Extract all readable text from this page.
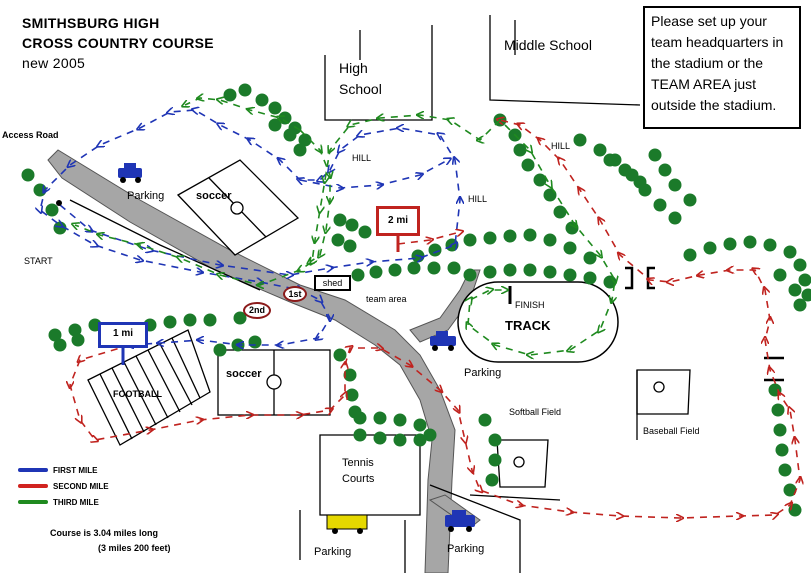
SMITHSBURG HIGH
CROSS COUNTRY COURSE
new 2005
Please set up your team headquarters in the stadium or the TEAM AREA just outside the stadium.
High School
Middle School
Access Road
START
Parking	soccer
soccer
FOOTBALL
HILL
HILL
HILL
shed
team area
FINISH
TRACK
Parking
Softball Field
Baseball Field
Tennis Courts
Parking	Parking
1 mi
2 mi
1st
2nd
FIRST MILE
SECOND MILE
THIRD MILE
Course is 3.04 miles long
(3 miles 200 feet)
